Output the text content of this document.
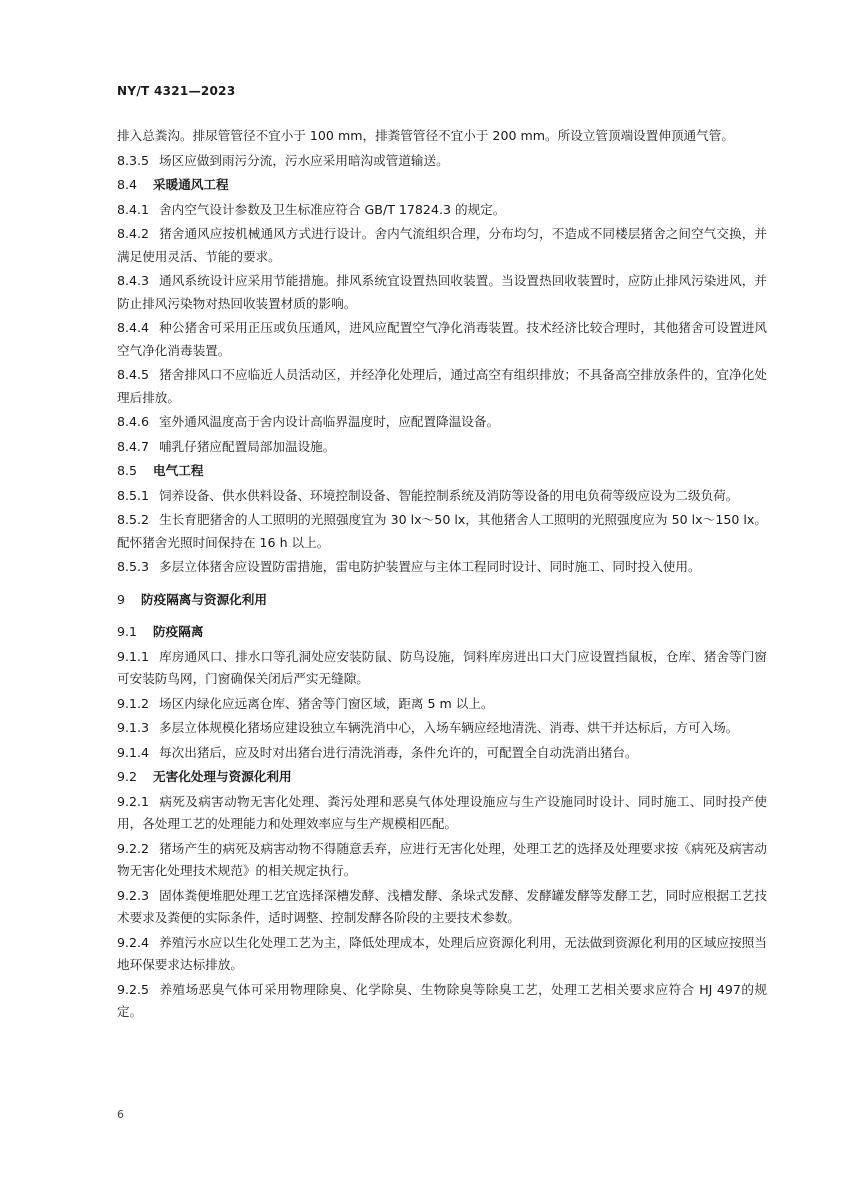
NY/T 4321—2023
排入总粪沟。排尿管管径不宜小于 100 mm，排粪管管径不宜小于 200 mm。所设立管顶端设置伸顶通气管。
8.3.5 场区应做到雨污分流，污水应采用暗沟或管道输送。
8.4 采暖通风工程
8.4.1 舍内空气设计参数及卫生标准应符合 GB/T 17824.3 的规定。
8.4.2 猪舍通风应按机械通风方式进行设计。舍内气流组织合理，分布均匀，不造成不同楼层猪舍之间空气交换，并满足使用灵活、节能的要求。
8.4.3 通风系统设计应采用节能措施。排风系统宜设置热回收装置。当设置热回收装置时，应防止排风污染进风，并防止排风污染物对热回收装置材质的影响。
8.4.4 种公猪舍可采用正压或负压通风，进风应配置空气净化消毒装置。技术经济比较合理时，其他猪舍可设置进风空气净化消毒装置。
8.4.5 猪舍排风口不应临近人员活动区，并经净化处理后，通过高空有组织排放；不具备高空排放条件的，宜净化处理后排放。
8.4.6 室外通风温度高于舍内设计高临界温度时，应配置降温设备。
8.4.7 哺乳仔猪应配置局部加温设施。
8.5 电气工程
8.5.1 饲养设备、供水供料设备、环境控制设备、智能控制系统及消防等设备的用电负荷等级应设为二级负荷。
8.5.2 生长育肥猪舍的人工照明的光照强度宜为 30 lx～50 lx，其他猪舍人工照明的光照强度应为 50 lx～150 lx。配怀猪舍光照时间保持在 16 h 以上。
8.5.3 多层立体猪舍应设置防雷措施，雷电防护装置应与主体工程同时设计、同时施工、同时投入使用。
9 防疫隔离与资源化利用
9.1 防疫隔离
9.1.1 库房通风口、排水口等孔洞处应安装防鼠、防鸟设施，饲料库房进出口大门应设置挡鼠板，仓库、猪舍等门窗可安装防鸟网，门窗确保关闭后严实无缝隙。
9.1.2 场区内绿化应远离仓库、猪舍等门窗区域，距离 5 m 以上。
9.1.3 多层立体规模化猪场应建设独立车辆洗消中心，入场车辆应经地清洗、消毒、烘干并达标后，方可入场。
9.1.4 每次出猪后，应及时对出猪台进行清洗消毒，条件允许的，可配置全自动洗消出猪台。
9.2 无害化处理与资源化利用
9.2.1 病死及病害动物无害化处理、粪污处理和恶臭气体处理设施应与生产设施同时设计、同时施工、同时投产使用，各处理工艺的处理能力和处理效率应与生产规模相匹配。
9.2.2 猪场产生的病死及病害动物不得随意丢弃，应进行无害化处理，处理工艺的选择及处理要求按《病死及病害动物无害化处理技术规范》的相关规定执行。
9.2.3 固体粪便堆肥处理工艺宜选择深槽发酵、浅槽发酵、条垛式发酵、发酵罐发酵等发酵工艺，同时应根据工艺技术要求及粪便的实际条件，适时调整、控制发酵各阶段的主要技术参数。
9.2.4 养殖污水应以生化处理工艺为主，降低处理成本，处理后应资源化利用，无法做到资源化利用的区域应按照当地环保要求达标排放。
9.2.5 养殖场恶臭气体可采用物理除臭、化学除臭、生物除臭等除臭工艺，处理工艺相关要求应符合 HJ 497的规定。
6
